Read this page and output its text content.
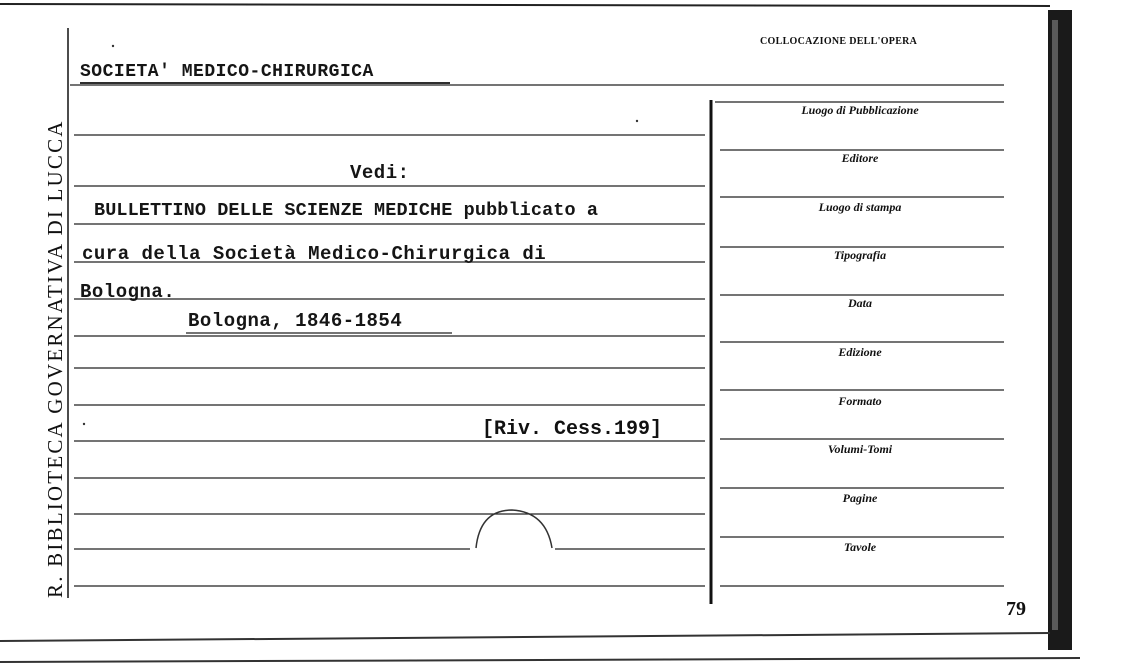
R. BIBLIOTECA GOVERNATIVA DI LUCCA
COLLOCAZIONE DELL'OPERA
SOCIETA' MEDICO-CHIRURGICA
Vedi:
BULLETTINO DELLE SCIENZE MEDICHE pubblicato a
cura della Società Medico-Chirurgica di
Bologna.
Bologna, 1846-1854
[Riv. Cess.199]
Luogo di Pubblicazione
Editore
Luogo di stampa
Tipografia
Data
Edizione
Formato
Volumi-Tomi
Pagine
Tavole
79
